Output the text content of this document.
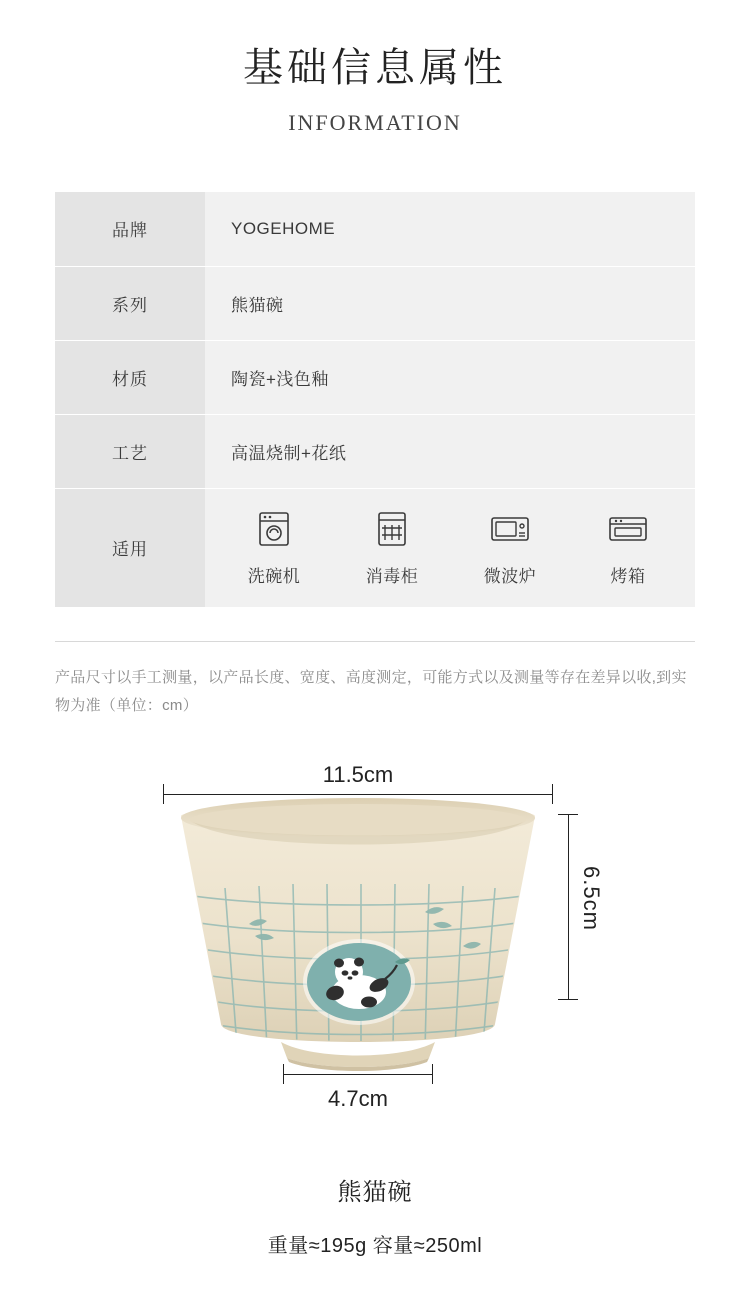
基础信息属性
INFORMATION
品牌	YOGEHOME
系列	熊猫碗
材质	陶瓷+浅色釉
工艺	高温烧制+花纸
适用	洗碗机 消毒柜 微波炉 烤箱
产品尺寸以手工测量，以产品长度、宽度、高度测定，可能方式以及测量等存在差异以收,到实物为准（单位：cm）
11.5cm
6.5cm
4.7cm
熊猫碗
重量≈195g 容量≈250ml
